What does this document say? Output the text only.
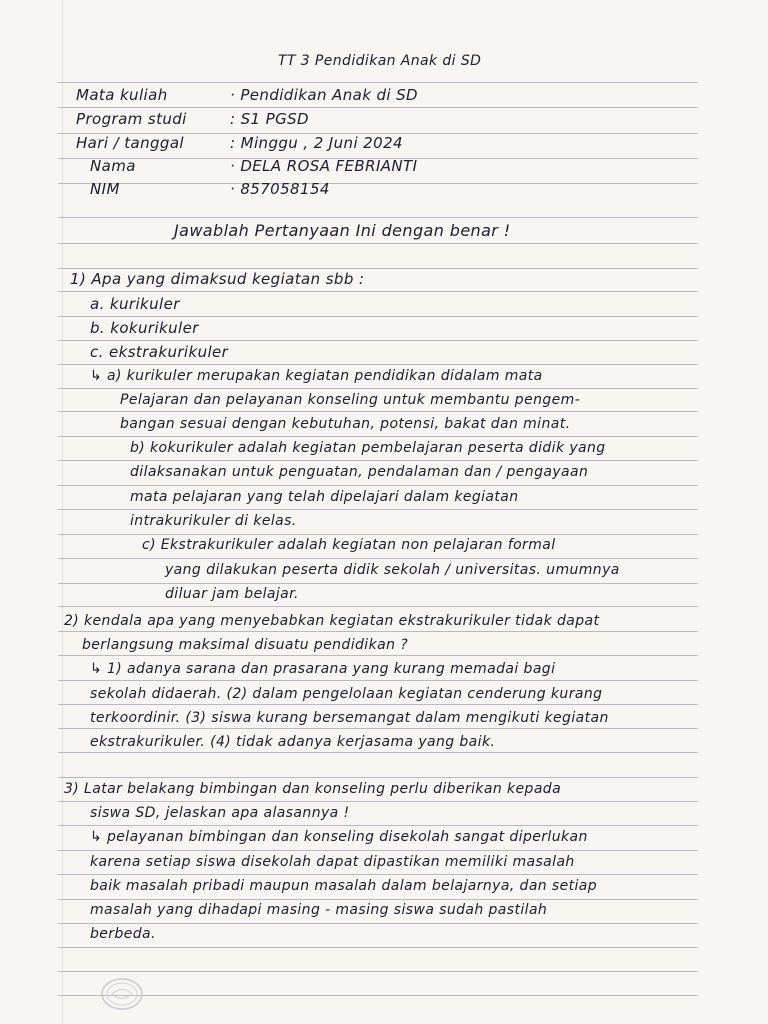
TT 3 Pendidikan Anak di SD
Mata kuliah	· Pendidikan Anak di SD
Program studi	: S1 PGSD
Hari / tanggal	: Minggu , 2 Juni 2024
Nama	· DELA ROSA FEBRIANTI
NIM	· 857058154
Jawablah Pertanyaan Ini dengan benar !
1) Apa yang dimaksud kegiatan sbb :
a. kurikuler
b. kokurikuler
c. ekstrakurikuler
↳ a) kurikuler merupakan kegiatan pendidikan didalam mata
Pelajaran dan pelayanan konseling untuk membantu pengem-
bangan sesuai dengan kebutuhan, potensi, bakat dan minat.
b) kokurikuler adalah kegiatan pembelajaran peserta didik yang
dilaksanakan untuk penguatan, pendalaman dan / pengayaan
mata pelajaran yang telah dipelajari dalam kegiatan
intrakurikuler di kelas.
c) Ekstrakurikuler adalah kegiatan non pelajaran formal
yang dilakukan peserta didik sekolah / universitas. umumnya
diluar jam belajar.
2) kendala apa yang menyebabkan kegiatan ekstrakurikuler tidak dapat
berlangsung maksimal disuatu pendidikan ?
↳ 1) adanya sarana dan prasarana yang kurang memadai bagi
sekolah didaerah. (2) dalam pengelolaan kegiatan cenderung kurang
terkoordinir. (3) siswa kurang bersemangat dalam mengikuti kegiatan
ekstrakurikuler. (4) tidak adanya kerjasama yang baik.
3) Latar belakang bimbingan dan konseling perlu diberikan kepada
siswa SD, jelaskan apa alasannya !
↳ pelayanan bimbingan dan konseling disekolah sangat diperlukan
karena setiap siswa disekolah dapat dipastikan memiliki masalah
baik masalah pribadi maupun masalah dalam belajarnya, dan setiap
masalah yang dihadapi masing - masing siswa sudah pastilah
berbeda.
